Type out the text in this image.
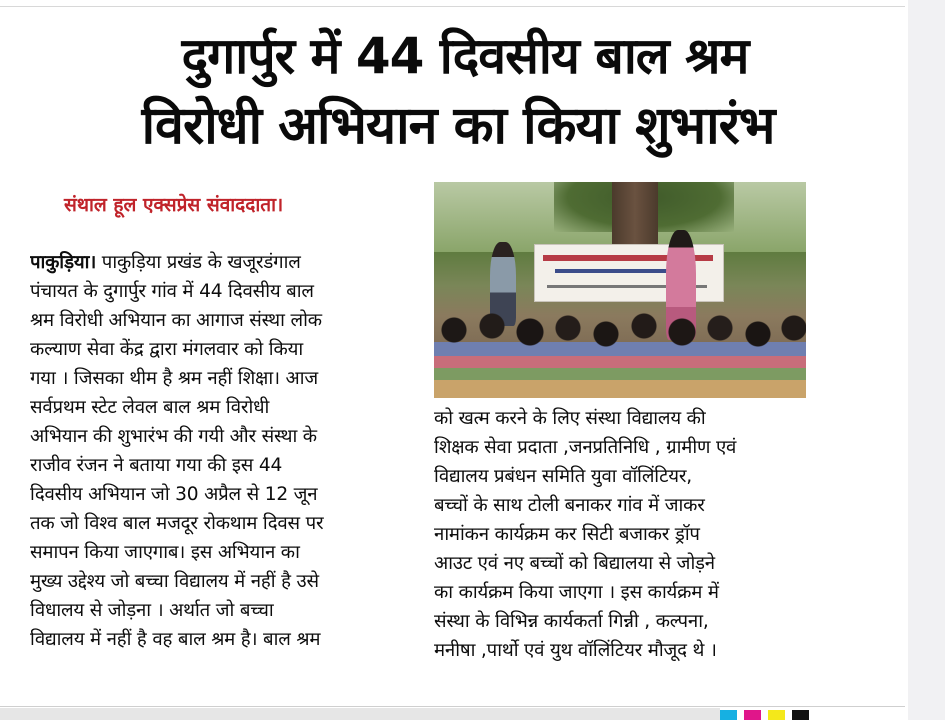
दुगार्पुर में 44 दिवसीय बाल श्रम
विरोधी अभियान का किया शुभारंभ
संथाल हूल एक्सप्रेस संवाददाता।
पाकुड़िया। पाकुड़िया प्रखंड के खजूरडंगाल
पंचायत के दुगार्पुर गांव में 44 दिवसीय बाल
श्रम विरोधी अभियान का आगाज संस्था लोक
कल्याण सेवा केंद्र द्वारा मंगलवार को किया
गया । जिसका थीम है श्रम नहीं शिक्षा। आज
सर्वप्रथम स्टेट लेवल बाल श्रम विरोधी
अभियान की शुभारंभ की गयी और संस्था के
राजीव रंजन ने बताया गया की इस 44
दिवसीय अभियान जो 30 अप्रैल से 12 जून
तक जो विश्व बाल मजदूर रोकथाम दिवस पर
समापन किया जाएगाब। इस अभियान का
मुख्य उद्देश्य जो बच्चा विद्यालय में नहीं है उसे
विधालय से जोड़ना । अर्थात जो बच्चा
विद्यालय में नहीं है वह बाल श्रम है। बाल श्रम
को खत्म करने के लिए संस्था विद्यालय की
शिक्षक सेवा प्रदाता ,जनप्रतिनिधि , ग्रामीण एवं
विद्यालय प्रबंधन समिति युवा वॉलिंटियर,
बच्चों के साथ टोली बनाकर गांव में जाकर
नामांकन कार्यक्रम कर सिटी बजाकर ड्रॉप
आउट एवं नए बच्चों को बिद्यालया से जोड़ने
का कार्यक्रम किया जाएगा । इस कार्यक्रम में
संस्था के विभिन्न कार्यकर्ता गिन्नी , कल्पना,
मनीषा ,पार्थो एवं युथ वॉलिंटियर मौजूद थे ।
